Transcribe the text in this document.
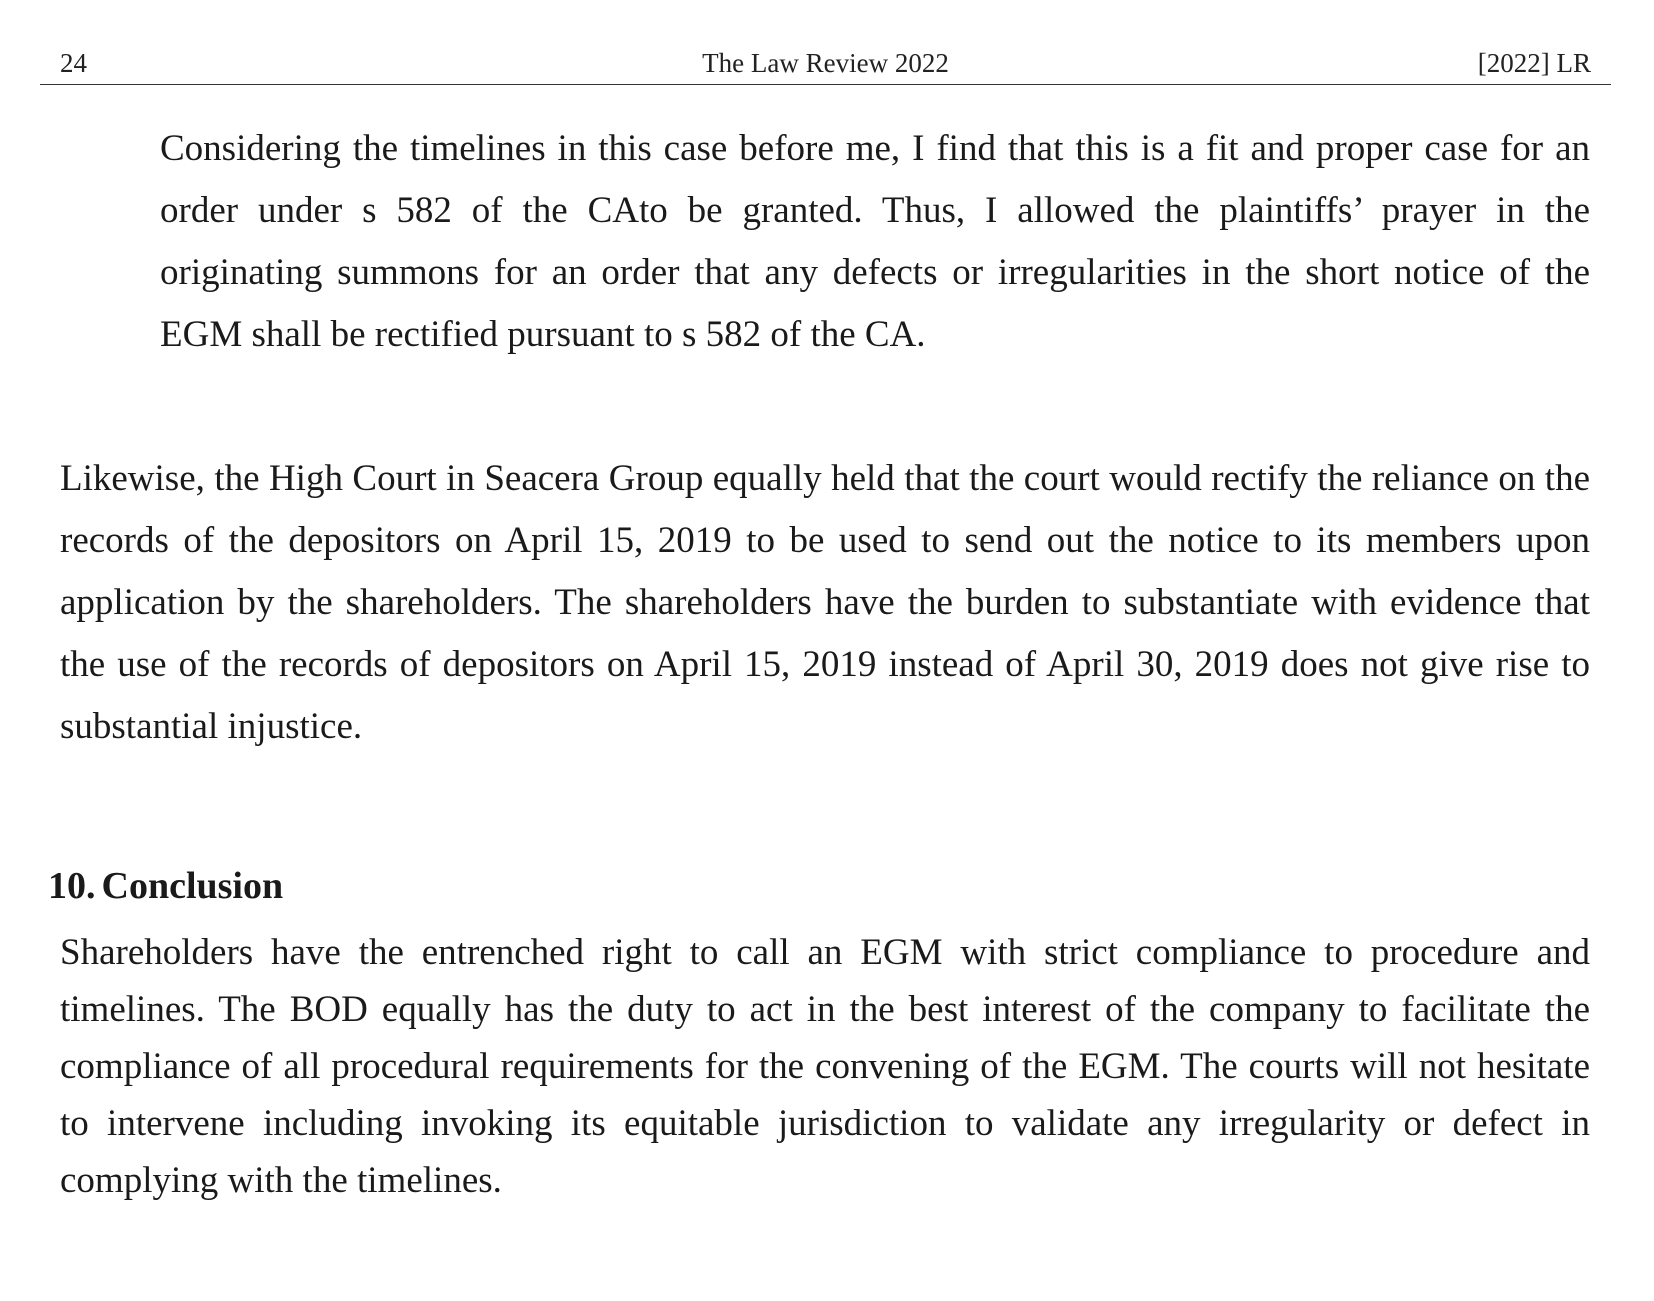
24	The Law Review 2022	[2022] LR

Considering the timelines in this case before me, I find that this is a fit and proper case for an order under s 582 of the CAto be granted. Thus, I allowed the plaintiffs’ prayer in the originating summons for an order that any defects or irregularities in the short notice of the EGM shall be rectified pursuant to s 582 of the CA.

Likewise, the High Court in Seacera Group equally held that the court would rectify the reliance on the records of the depositors on April 15, 2019 to be used to send out the notice to its members upon application by the shareholders. The shareholders have the burden to substantiate with evidence that the use of the records of depositors on April 15, 2019 instead of April 30, 2019 does not give rise to substantial injustice.

10. Conclusion

Shareholders have the entrenched right to call an EGM with strict compliance to procedure and timelines. The BOD equally has the duty to act in the best interest of the company to facilitate the compliance of all procedural requirements for the convening of the EGM. The courts will not hesitate to intervene including invoking its equitable jurisdiction to validate any irregularity or defect in complying with the timelines.
